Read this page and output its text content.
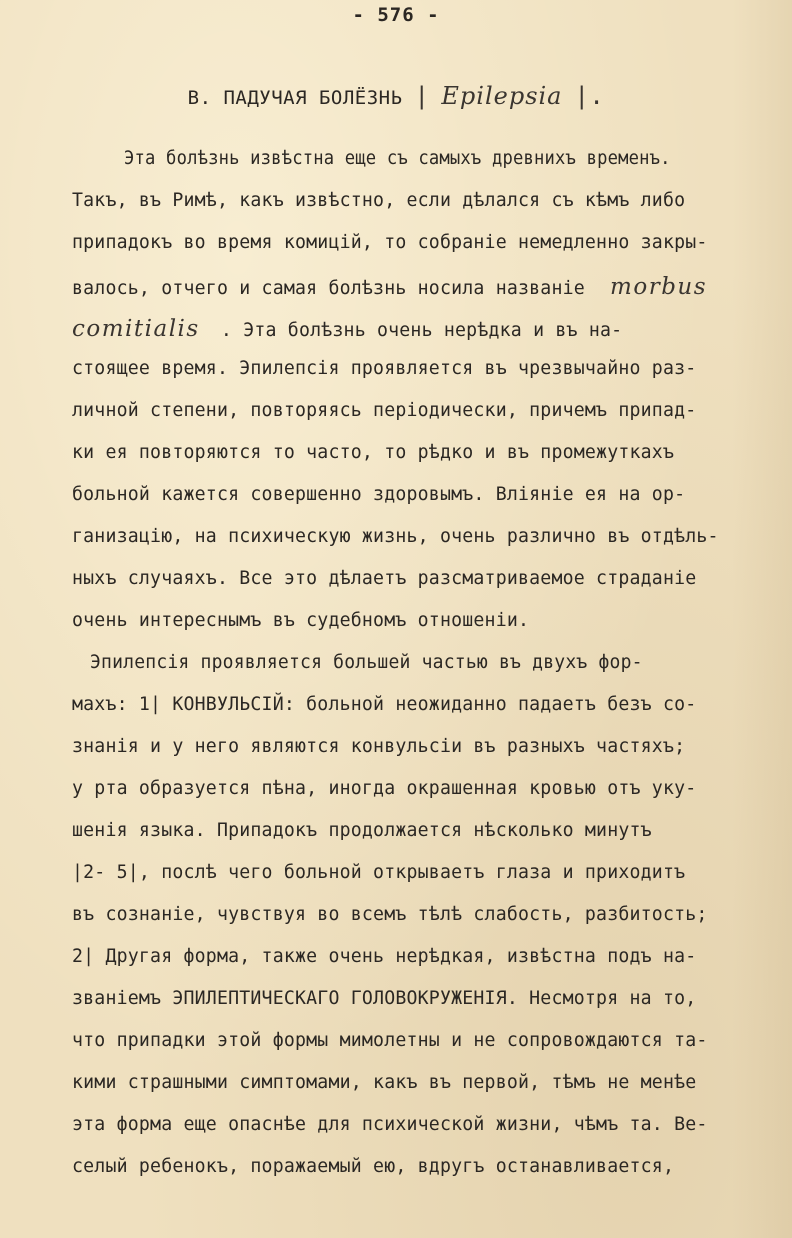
- 576 -
В. ПАДУЧАЯ БОЛЁЗНЬ | Epilepsia |.
Эта болѣзнь извѣстна еще съ самыхъ древнихъ временъ.
Такъ, въ Римѣ, какъ извѣстно, если дѣлался съ кѣмъ либо
припадокъ во время комицій, то собраніе немедленно закры-
валось, отчего и самая болѣзнь носила названіе morbus
comitialis . Эта болѣзнь очень нерѣдка и въ на-
стоящее время. Эпилепсія проявляется въ чрезвычайно раз-
личной степени, повторяясь періодически, причемъ припад-
ки ея повторяются то часто, то рѣдко и въ промежуткахъ
больной кажется совершенно здоровымъ. Вліяніе ея на ор-
ганизацію, на психическую жизнь, очень различно въ отдѣль-
ныхъ случаяхъ. Все это дѣлаетъ разсматриваемое страданіе
очень интереснымъ въ судебномъ отношеніи.
Эпилепсія проявляется большей частью въ двухъ фор-
махъ: 1| КОНВУЛЬСІЙ: больной неожиданно падаетъ безъ со-
знанія и у него являются конвульсіи въ разныхъ частяхъ;
у рта образуется пѣна, иногда окрашенная кровью отъ уку-
шенія языка. Припадокъ продолжается нѣсколько минутъ
|2- 5|, послѣ чего больной открываетъ глаза и приходитъ
въ сознаніе, чувствуя во всемъ тѣлѣ слабость, разбитость;
2| Другая форма, также очень нерѣдкая, извѣстна подъ на-
званіемъ ЭПИЛЕПТИЧЕСКАГО ГОЛОВОКРУЖЕНІЯ. Несмотря на то,
что припадки этой формы мимолетны и не сопровождаются та-
кими страшными симптомами, какъ въ первой, тѣмъ не менѣе
эта форма еще опаснѣе для психической жизни, чѣмъ та. Ве-
селый ребенокъ, поражаемый ею, вдругъ останавливается,
